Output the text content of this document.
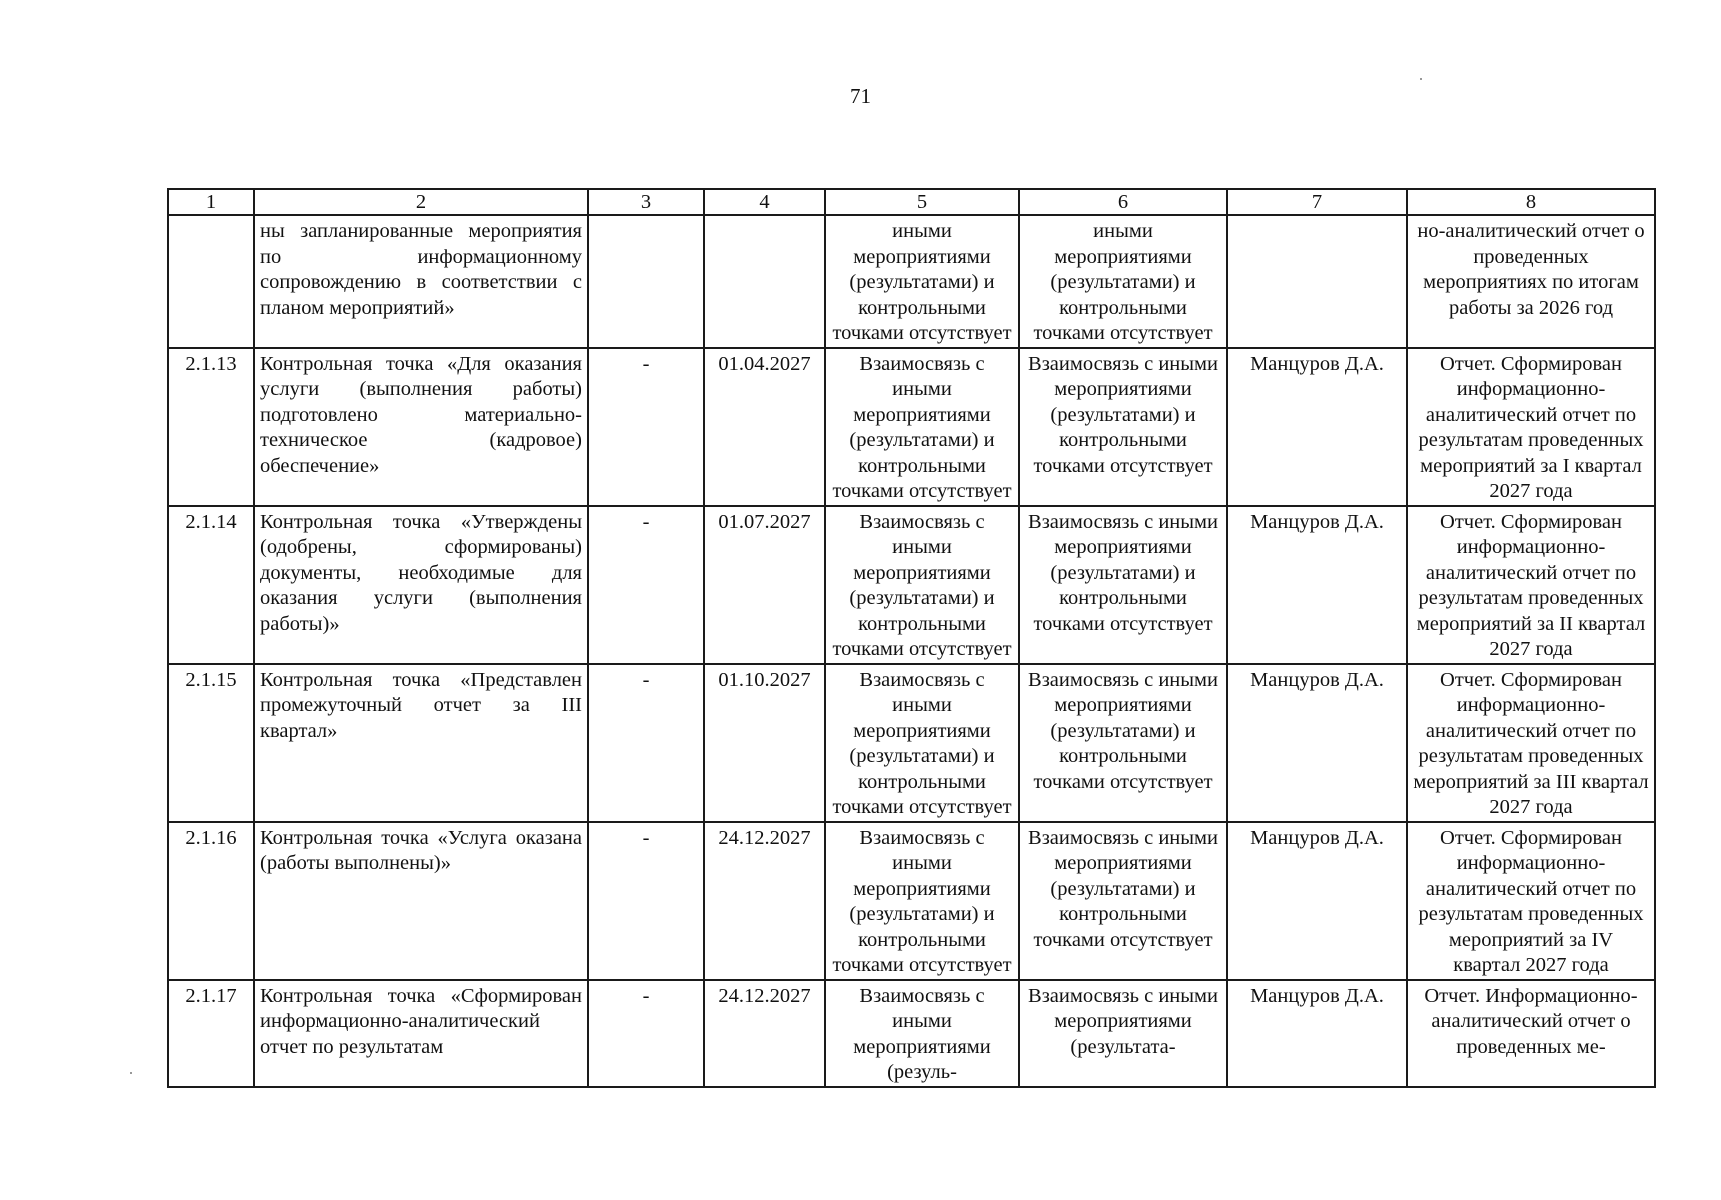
71
1	2	3	4	5	6	7	8
	ны запланированные мероприятия по информационному сопровождению в соответствии с планом мероприятий»			иными мероприятиями (результатами) и контрольными точками отсутствует	иными мероприятиями (результатами) и контрольными точками отсутствует		но-аналитический отчет о проведенных мероприятиях по итогам работы за 2026 год
2.1.13	Контрольная точка «Для оказания услуги (выполнения работы) подготовлено материально-техническое (кадровое) обеспечение»	-	01.04.2027	Взаимосвязь с иными мероприятиями (результатами) и контрольными точками отсутствует	Взаимосвязь с иными мероприятиями (результатами) и контрольными точками отсутствует	Манцуров Д.А.	Отчет. Сформирован информационно-аналитический отчет по результатам проведенных мероприятий за I квартал 2027 года
2.1.14	Контрольная точка «Утверждены (одобрены, сформированы) документы, необходимые для оказания услуги (выполнения работы)»	-	01.07.2027	Взаимосвязь с иными мероприятиями (результатами) и контрольными точками отсутствует	Взаимосвязь с иными мероприятиями (результатами) и контрольными точками отсутствует	Манцуров Д.А.	Отчет. Сформирован информационно-аналитический отчет по результатам проведенных мероприятий за II квартал 2027 года
2.1.15	Контрольная точка «Представлен промежуточный отчет за III квартал»	-	01.10.2027	Взаимосвязь с иными мероприятиями (результатами) и контрольными точками отсутствует	Взаимосвязь с иными мероприятиями (результатами) и контрольными точками отсутствует	Манцуров Д.А.	Отчет. Сформирован информационно-аналитический отчет по результатам проведенных мероприятий за III квартал 2027 года
2.1.16	Контрольная точка «Услуга оказана (работы выполнены)»	-	24.12.2027	Взаимосвязь с иными мероприятиями (результатами) и контрольными точками отсутствует	Взаимосвязь с иными мероприятиями (результатами) и контрольными точками отсутствует	Манцуров Д.А.	Отчет. Сформирован информационно-аналитический отчет по результатам проведенных мероприятий за IV квартал 2027 года
2.1.17	Контрольная точка «Сформирован информационно-аналитический отчет по результатам	-	24.12.2027	Взаимосвязь с иными мероприятиями (резуль-	Взаимосвязь с иными мероприятиями (результата-	Манцуров Д.А.	Отчет. Информационно-аналитический отчет о проведенных ме-
